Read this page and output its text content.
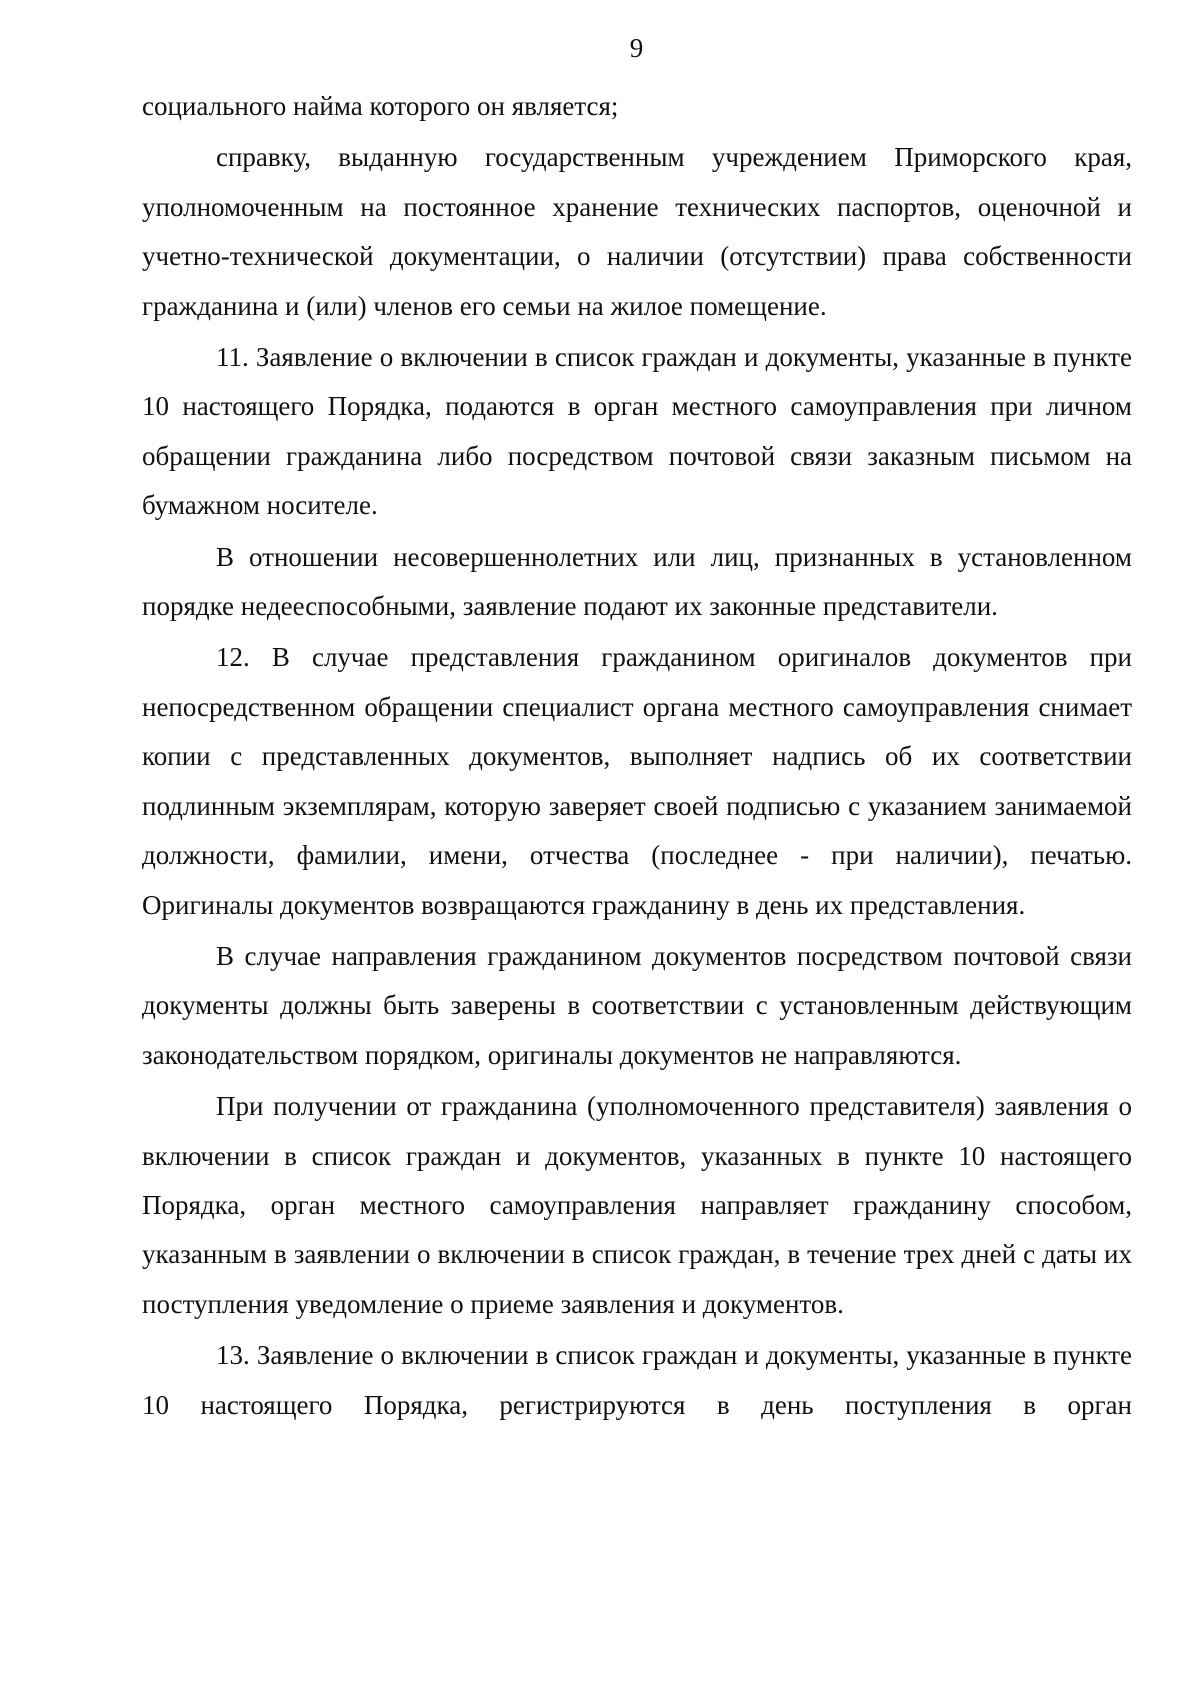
9

социального найма которого он является;

справку, выданную государственным учреждением Приморского края, уполномоченным на постоянное хранение технических паспортов, оценочной и учетно-технической документации, о наличии (отсутствии) права собственности гражданина и (или) членов его семьи на жилое помещение.

11. Заявление о включении в список граждан и документы, указанные в пункте 10 настоящего Порядка, подаются в орган местного самоуправления при личном обращении гражданина либо посредством почтовой связи заказным письмом на бумажном носителе.

В отношении несовершеннолетних или лиц, признанных в установленном порядке недееспособными, заявление подают их законные представители.

12. В случае представления гражданином оригиналов документов при непосредственном обращении специалист органа местного самоуправления снимает копии с представленных документов, выполняет надпись об их соответствии подлинным экземплярам, которую заверяет своей подписью с указанием занимаемой должности, фамилии, имени, отчества (последнее - при наличии), печатью. Оригиналы документов возвращаются гражданину в день их представления.

В случае направления гражданином документов посредством почтовой связи документы должны быть заверены в соответствии с установленным действующим законодательством порядком, оригиналы документов не направляются.

При получении от гражданина (уполномоченного представителя) заявления о включении в список граждан и документов, указанных в пункте 10 настоящего Порядка, орган местного самоуправления направляет гражданину способом, указанным в заявлении о включении в список граждан, в течение трех дней с даты их поступления уведомление о приеме заявления и документов.

13. Заявление о включении в список граждан и документы, указанные в пункте 10 настоящего Порядка, регистрируются в день поступления в орган
